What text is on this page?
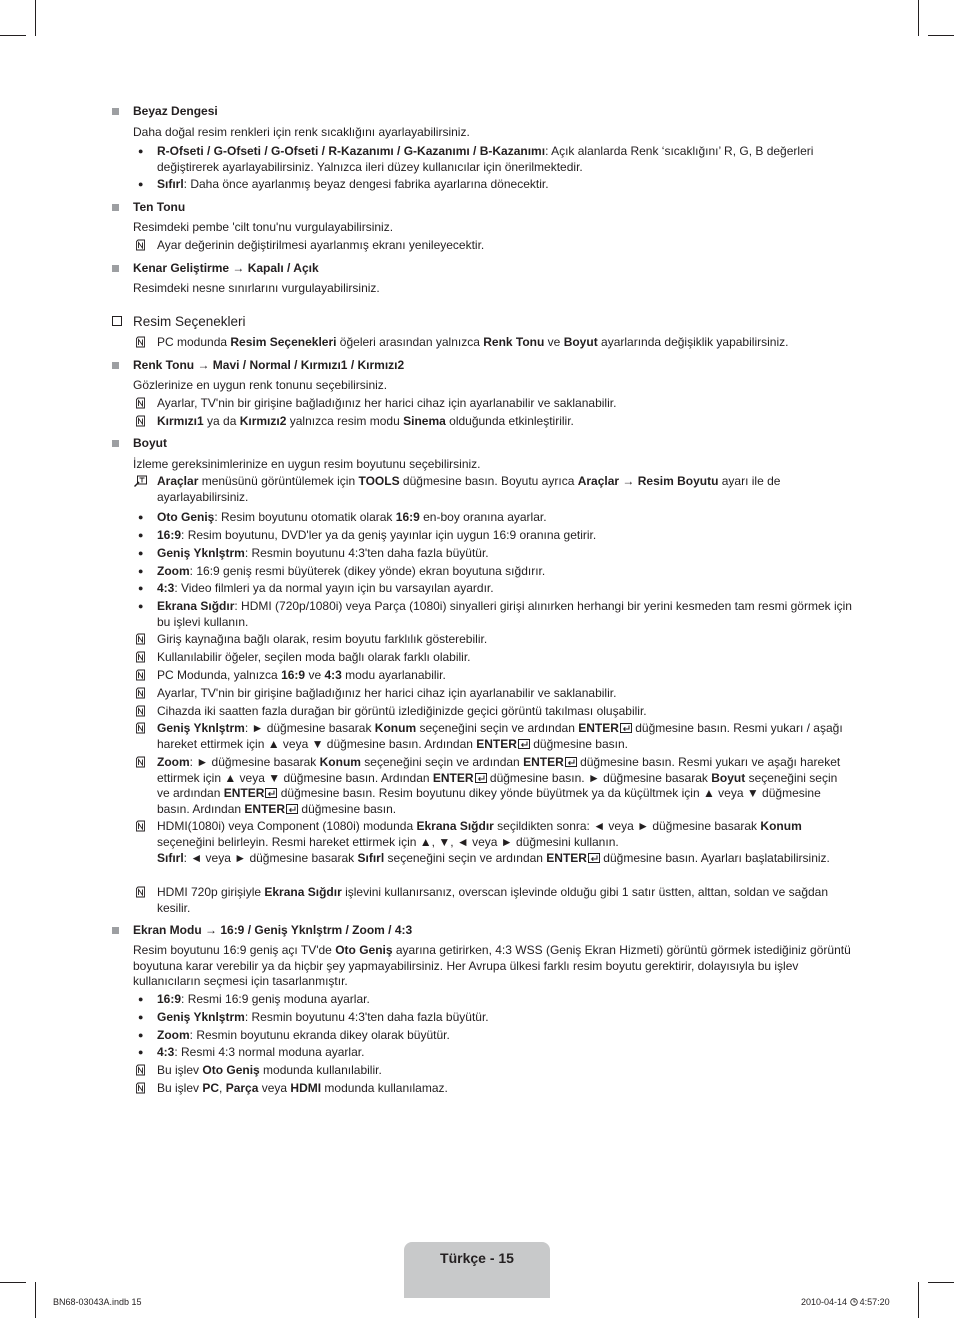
Beyaz Dengesi
Daha doğal resim renkleri için renk sıcaklığını ayarlayabilirsiniz.
●	R-Ofseti / G-Ofseti / G-Ofseti / R-Kazanımı / G-Kazanımı / B-Kazanımı: Açık alanlarda Renk ‘sıcaklığını’ R, G, B değerleri değiştirerek ayarlayabilirsiniz. Yalnızca ileri düzey kullanıcılar için önerilmektedir.
●	Sıfırl: Daha önce ayarlanmış beyaz dengesi fabrika ayarlarına dönecektir.
Ten Tonu
Resimdeki pembe 'cilt tonu'nu vurgulayabilirsiniz.
Ayar değerinin değiştirilmesi ayarlanmış ekranı yenileyecektir.
Kenar Geliştirme → Kapalı / Açık
Resimdeki nesne sınırlarını vurgulayabilirsiniz.
Resim Seçenekleri
PC modunda Resim Seçenekleri öğeleri arasından yalnızca Renk Tonu ve Boyut ayarlarında değişiklik yapabilirsiniz.
Renk Tonu → Mavi / Normal / Kırmızı1 / Kırmızı2
Gözlerinize en uygun renk tonunu seçebilirsiniz.
Ayarlar, TV'nin bir girişine bağladığınız her harici cihaz için ayarlanabilir ve saklanabilir.
Kırmızı1 ya da Kırmızı2 yalnızca resim modu Sinema olduğunda etkinleştirilir.
Boyut
İzleme gereksinimlerinize en uygun resim boyutunu seçebilirsiniz.
Araçlar menüsünü görüntülemek için TOOLS düğmesine basın. Boyutu ayrıca Araçlar → Resim Boyutu ayarı ile de ayarlayabilirsiniz.
●	Oto Geniş: Resim boyutunu otomatik olarak 16:9 en-boy oranına ayarlar.
●	16:9: Resim boyutunu, DVD'ler ya da geniş yayınlar için uygun 16:9 oranına getirir.
●	Geniş Yknlştrm: Resmin boyutunu 4:3'ten daha fazla büyütür.
●	Zoom: 16:9 geniş resmi büyüterek (dikey yönde) ekran boyutuna sığdırır.
●	4:3: Video filmleri ya da normal yayın için bu varsayılan ayardır.
●	Ekrana Sığdır: HDMI (720p/1080i) veya Parça (1080i) sinyalleri girişi alınırken herhangi bir yerini kesmeden tam resmi görmek için bu işlevi kullanın.
Giriş kaynağına bağlı olarak, resim boyutu farklılık gösterebilir.
Kullanılabilir öğeler, seçilen moda bağlı olarak farklı olabilir.
PC Modunda, yalnızca 16:9 ve 4:3 modu ayarlanabilir.
Ayarlar, TV'nin bir girişine bağladığınız her harici cihaz için ayarlanabilir ve saklanabilir.
Cihazda iki saatten fazla durağan bir görüntü izlediğinizde geçici görüntü takılması oluşabilir.
Geniş Yknlştrm: ► düğmesine basarak Konum seçeneğini seçin ve ardından ENTER düğmesine basın. Resmi yukarı / aşağı hareket ettirmek için ▲ veya ▼ düğmesine basın. Ardından ENTER düğmesine basın.
Zoom: ► düğmesine basarak Konum seçeneğini seçin ve ardından ENTER düğmesine basın. Resmi yukarı ve aşağı hareket ettirmek için ▲ veya ▼ düğmesine basın. Ardından ENTER düğmesine basın. ► düğmesine basarak Boyut seçeneğini seçin ve ardından ENTER düğmesine basın. Resim boyutunu dikey yönde büyütmek ya da küçültmek için ▲ veya ▼ düğmesine basın. Ardından ENTER düğmesine basın.
HDMI(1080i) veya Component (1080i) modunda Ekrana Sığdır seçildikten sonra: ◄ veya ► düğmesine basarak Konum seçeneğini belirleyin. Resmi hareket ettirmek için ▲, ▼, ◄ veya ► düğmesini kullanın.
Sıfırl: ◄ veya ► düğmesine basarak Sıfırl seçeneğini seçin ve ardından ENTER düğmesine basın. Ayarları başlatabilirsiniz.
HDMI 720p girişiyle Ekrana Sığdır işlevini kullanırsanız, overscan işlevinde olduğu gibi 1 satır üstten, alttan, soldan ve sağdan kesilir.
Ekran Modu → 16:9 / Geniş Yknlştrm / Zoom / 4:3
Resim boyutunu 16:9 geniş açı TV'de Oto Geniş ayarına getirirken, 4:3 WSS (Geniş Ekran Hizmeti) görüntü görmek istediğiniz görüntü boyutuna karar verebilir ya da hiçbir şey yapmayabilirsiniz. Her Avrupa ülkesi farklı resim boyutu gerektirir, dolayısıyla bu işlev kullanıcıların seçmesi için tasarlanmıştır.
●	16:9: Resmi 16:9 geniş moduna ayarlar.
●	Geniş Yknlştrm: Resmin boyutunu 4:3'ten daha fazla büyütür.
●	Zoom: Resmin boyutunu ekranda dikey olarak büyütür.
●	4:3: Resmi 4:3 normal moduna ayarlar.
Bu işlev Oto Geniş modunda kullanılabilir.
Bu işlev PC, Parça veya HDMI modunda kullanılamaz.
Türkçe - 15
BN68-03043A.indb 15	2010-04-14 4:57:20
